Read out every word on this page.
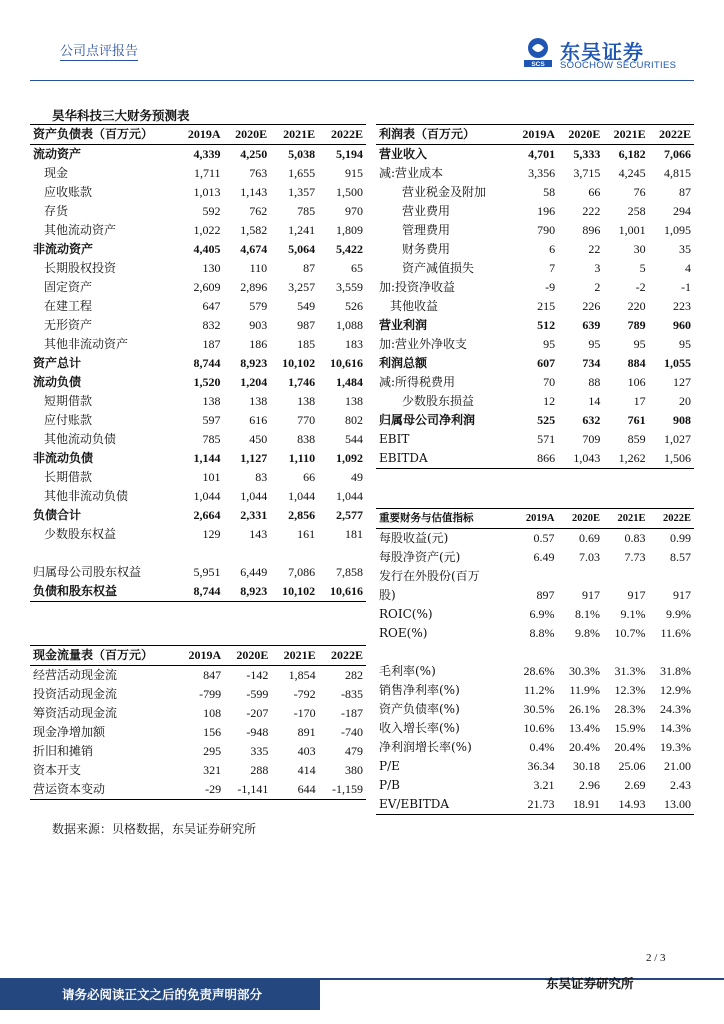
公司点评报告
SCS
东吴证券
SOOCHOW SECURITIES
昊华科技三大财务预测表
资产负债表（百万元）	2019A	2020E	2021E	2022E
流动资产	4,339	4,250	5,038	5,194
现金	1,711	763	1,655	915
应收账款	1,013	1,143	1,357	1,500
存货	592	762	785	970
其他流动资产	1,022	1,582	1,241	1,809
非流动资产	4,405	4,674	5,064	5,422
长期股权投资	130	110	87	65
固定资产	2,609	2,896	3,257	3,559
在建工程	647	579	549	526
无形资产	832	903	987	1,088
其他非流动资产	187	186	185	183
资产总计	8,744	8,923	10,102	10,616
流动负债	1,520	1,204	1,746	1,484
短期借款	138	138	138	138
应付账款	597	616	770	802
其他流动负债	785	450	838	544
非流动负债	1,144	1,127	1,110	1,092
长期借款	101	83	66	49
其他非流动负债	1,044	1,044	1,044	1,044
负债合计	2,664	2,331	2,856	2,577
少数股东权益	129	143	161	181

归属母公司股东权益	5,951	6,449	7,086	7,858
负债和股东权益	8,744	8,923	10,102	10,616
利润表（百万元）	2019A	2020E	2021E	2022E
营业收入	4,701	5,333	6,182	7,066
减:营业成本	3,356	3,715	4,245	4,815
营业税金及附加	58	66	76	87
营业费用	196	222	258	294
管理费用	790	896	1,001	1,095
财务费用	6	22	30	35
资产减值损失	7	3	5	4
加:投资净收益	-9	2	-2	-1
其他收益	215	226	220	223
营业利润	512	639	789	960
加:营业外净收支	95	95	95	95
利润总额	607	734	884	1,055
减:所得税费用	70	88	106	127
少数股东损益	12	14	17	20
归属母公司净利润	525	632	761	908
EBIT	571	709	859	1,027
EBITDA	866	1,043	1,262	1,506
重要财务与估值指标	2019A	2020E	2021E	2022E
每股收益(元)	0.57	0.69	0.83	0.99
每股净资产(元)	6.49	7.03	7.73	8.57
发行在外股份(百万				
股)	897	917	917	917
ROIC(%)	6.9%	8.1%	9.1%	9.9%
ROE(%)	8.8%	9.8%	10.7%	11.6%

毛利率(%)	28.6%	30.3%	31.3%	31.8%
销售净利率(%)	11.2%	11.9%	12.3%	12.9%
资产负债率(%)	30.5%	26.1%	28.3%	24.3%
收入增长率(%)	10.6%	13.4%	15.9%	14.3%
净利润增长率(%)	0.4%	20.4%	20.4%	19.3%
P/E	36.34	30.18	25.06	21.00
P/B	3.21	2.96	2.69	2.43
EV/EBITDA	21.73	18.91	14.93	13.00
现金流量表（百万元）	2019A	2020E	2021E	2022E
经营活动现金流	847	-142	1,854	282
投资活动现金流	-799	-599	-792	-835
筹资活动现金流	108	-207	-170	-187
现金净增加额	156	-948	891	-740
折旧和摊销	295	335	403	479
资本开支	321	288	414	380
营运资本变动	-29	-1,141	644	-1,159
数据来源：贝格数据，东吴证券研究所
2 / 3
请务必阅读正文之后的免责声明部分
东吴证券研究所
